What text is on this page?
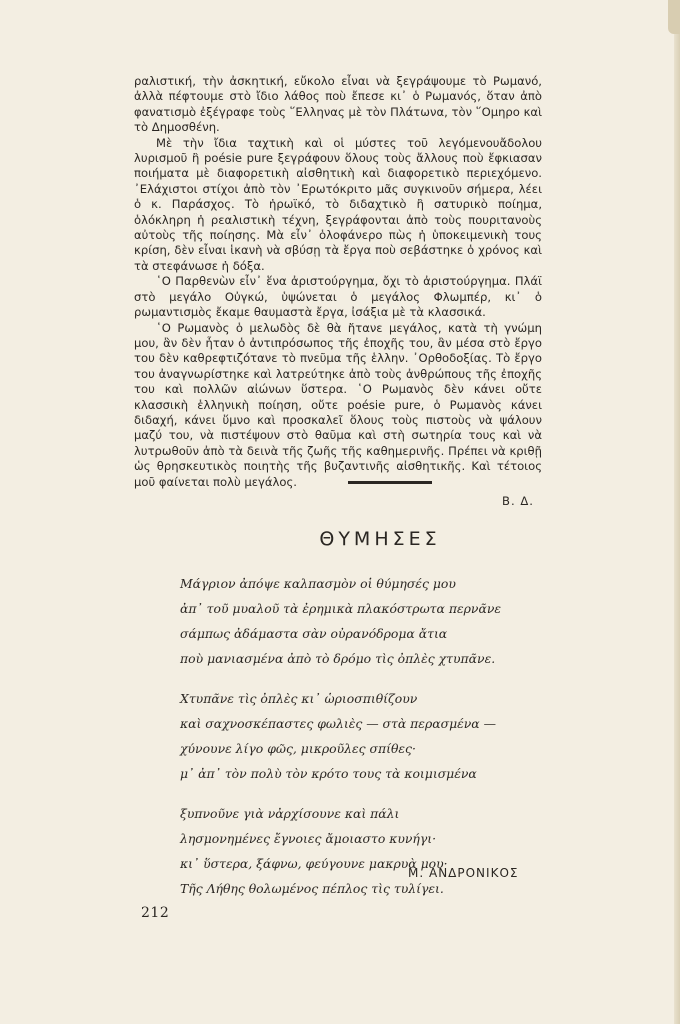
ραλιστική, τὴν ἀσκητική, εὔκολο εἶναι νὰ ξεγράψουμε τὸ Ρωμανό, ἀλλὰ πέφτουμε στὸ ἴδιο λάθος ποὺ ἔπεσε κι᾽ ὁ Ρωμανός, ὅταν ἀπὸ φανατισμὸ ἐξέγραφε τοὺς ῞Ελληνας μὲ τὸν Πλάτωνα, τὸν ῞Ομηρο καὶ τὸ Δημοσθένη.

Μὲ τὴν ἴδια ταχτικὴ καὶ οἱ μύστες τοῦ λεγόμενουἄδολου λυρισμοῦ ἢ poésie pure ξεγράφουν ὅλους τοὺς ἄλλους ποὺ ἔφκιασαν ποιήματα μὲ διαφορετικὴ αἰσθητικὴ καὶ διαφορετικὸ περιεχόμενο. ᾿Ελάχιστοι στίχοι ἀπὸ τὸν ᾿Ερωτόκριτο μᾶς συγκινοῦν σήμερα, λέει ὁ κ. Παράσχος. Τὸ ἡρωϊκό, τὸ διδαχτικὸ ἢ σατυρικὸ ποίημα, ὁλόκληρη ἡ ρεαλιστικὴ τέχνη, ξεγράφονται ἀπὸ τοὺς πουριτανοὺς αὐτοὺς τῆς ποίησης. Μὰ εἶν᾽ ὁλοφάνερο πὼς ἡ ὑποκειμενικὴ τους κρίση, δὲν εἶναι ἱκανὴ νὰ σβύσῃ τὰ ἔργα ποὺ σεβάστηκε ὁ χρόνος καὶ τὰ στεφάνωσε ἡ δόξα.

῾Ο Παρθενὼν εἶν᾽ ἕνα ἀριστούργημα, ὄχι τὸ ἀριστούργημα. Πλάϊ στὸ μεγάλο Οὐγκώ, ὑψώνεται ὁ μεγάλος Φλωμπέρ, κι᾽ ὁ ρωμαντισμὸς ἔκαμε θαυμαστὰ ἔργα, ἰσάξια μὲ τὰ κλασσικά.

῾Ο Ρωμανὸς ὁ μελωδὸς δὲ θὰ ἤτανε μεγάλος, κατὰ τὴ γνώμη μου, ἂν δὲν ἦταν ὁ ἀντιπρόσωπος τῆς ἐποχῆς του, ἂν μέσα στὸ ἔργο του δὲν καθρεφτιζότανε τὸ πνεῦμα τῆς ἑλλην. ᾿Ορθοδοξίας. Τὸ ἔργο του ἀναγνωρίστηκε καὶ λατρεύτηκε ἀπὸ τοὺς ἀνθρώπους τῆς ἐποχῆς του καὶ πολλῶν αἰώνων ὕστερα. ῾Ο Ρωμανὸς δὲν κάνει οὔτε κλασσικὴ ἑλληνικὴ ποίηση, οὔτε poésie pure, ὁ Ρωμανὸς κάνει διδαχή, κάνει ὕμνο καὶ προσκαλεῖ ὅλους τοὺς πιστοὺς νὰ ψάλουν μαζύ του, νὰ πιστέψουν στὸ θαῦμα καὶ στὴ σωτηρία τους καὶ νὰ λυτρωθοῦν ἀπὸ τὰ δεινὰ τῆς ζωῆς τῆς καθημερινῆς. Πρέπει νὰ κριθῇ ὡς θρησκευτικὸς ποιητὴς τῆς βυζαντινῆς αἰσθητικῆς. Καὶ τέτοιος μοῦ φαίνεται πολὺ μεγάλος.

Β. Δ.

ΘΥΜΗΣΕΣ
Μάγριον ἀπόψε καλπασμὸν οἱ θύμησές μου
ἀπ᾽ τοῦ μυαλοῦ τὰ ἐρημικὰ πλακόστρωτα περνᾶνε
σάμπως ἀδάμαστα σὰν οὐρανόδρομα ἄτια
ποὺ μανιασμένα ἀπὸ τὸ δρόμο τὶς ὀπλὲς χτυπᾶνε.
Χτυπᾶνε τὶς ὀπλὲς κι᾽ ὡριοσπιθίζουν
καὶ σαχνοσκέπαστες φωλιὲς — στὰ περασμένα —
χύνουνε λίγο φῶς, μικροῦλες σπίθες·
μ᾽ ἀπ᾽ τὸν πολὺ τὸν κρότο τους τὰ κοιμισμένα
ξυπνοῦνε γιὰ νἀρχίσουνε καὶ πάλι
λησμονημένες ἔγνοιες ἄμοιαστο κυνήγι·
κι᾽ ὕστερα, ξάφνω, φεύγουνε μακρυὰ μου·
Τῆς Λήθης θολωμένος πέπλος τὶς τυλίγει.
Μ. ΑΝΔΡΟΝΙΚΟΣ
212
